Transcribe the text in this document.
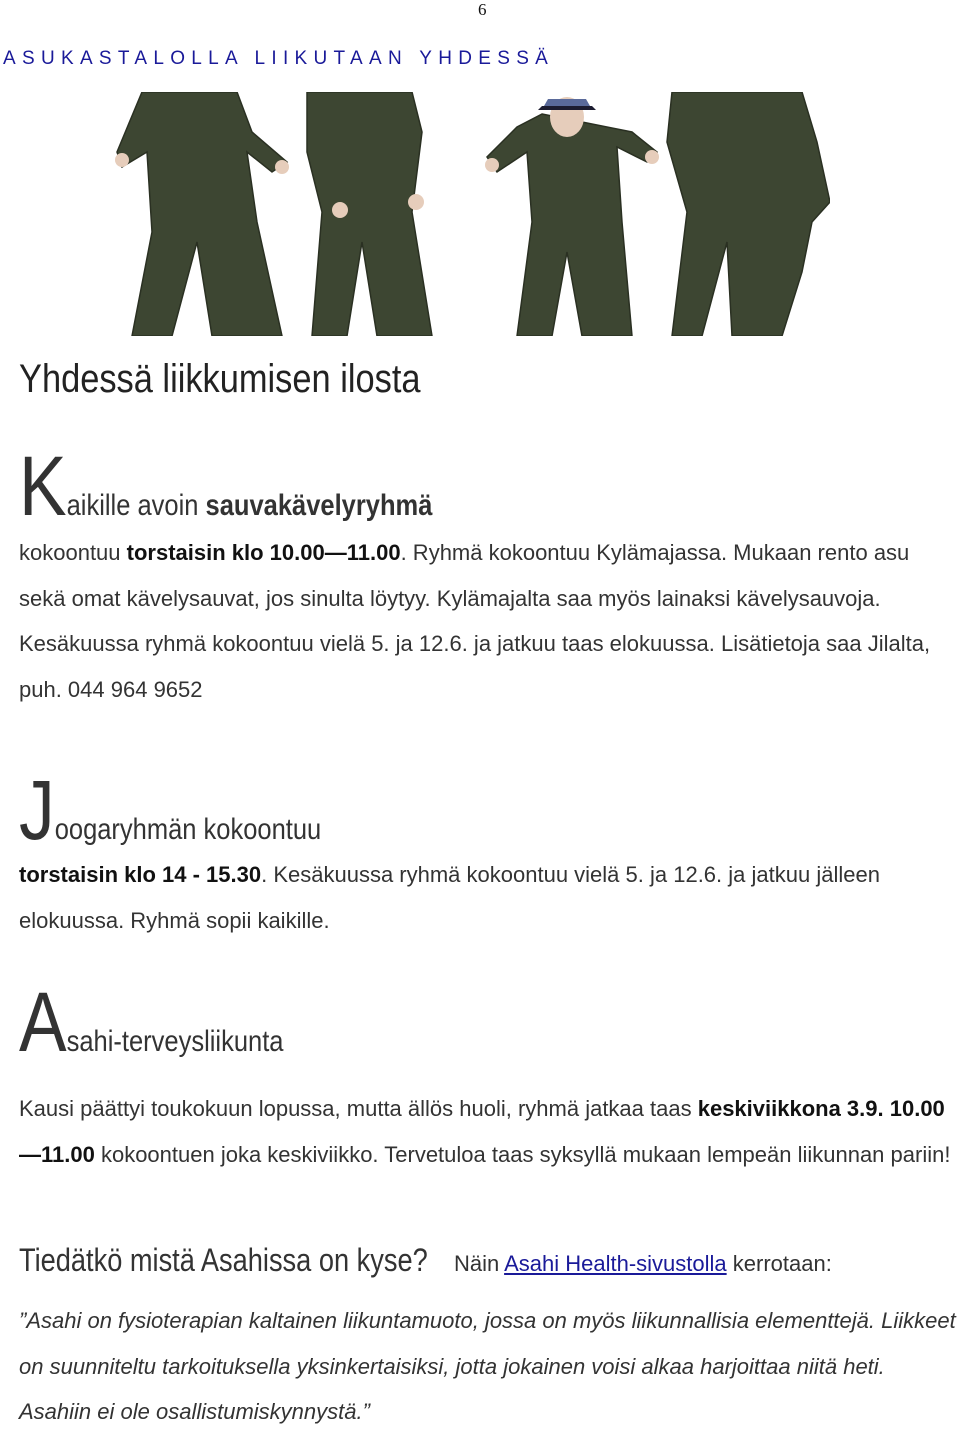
6
ASUKASTALOLLA LIIKUTAAN YHDESSÄ
Yhdessä liikkumisen ilosta
Kaikille avoin sauvakävelyryhmä

kokoontuu torstaisin klo 10.00—11.00. Ryhmä kokoontuu Kylämajassa. Mukaan rento asu sekä omat kävelysauvat, jos sinulta löytyy. Kylämajalta saa myös lainaksi kävelysauvoja. Kesäkuussa ryhmä kokoontuu vielä 5. ja 12.6. ja jatkuu taas elokuussa. Lisätietoja saa Jilalta, puh. 044 964 9652

Joogaryhmän kokoontuu

torstaisin klo 14 - 15.30. Kesäkuussa ryhmä kokoontuu vielä 5. ja 12.6. ja jatkuu jälleen elokuussa. Ryhmä sopii kaikille.

Asahi-terveysliikunta

Kausi päättyi toukokuun lopussa, mutta ällös huoli, ryhmä jatkaa taas keskiviikkona 3.9. 10.00—11.00 kokoontuen joka keskiviikko. Tervetuloa taas syksyllä mukaan lempeän liikunnan pariin!

Tiedätkö mistä Asahissa on kyse? Näin Asahi Health-sivustolla kerrotaan:

”Asahi on fysioterapian kaltainen liikuntamuoto, jossa on myös liikunnallisia elementtejä. Liikkeet on suunniteltu tarkoituksella yksinkertaisiksi, jotta jokainen voisi alkaa harjoittaa niitä heti. Asahiin ei ole osallistumiskynnystä.”
